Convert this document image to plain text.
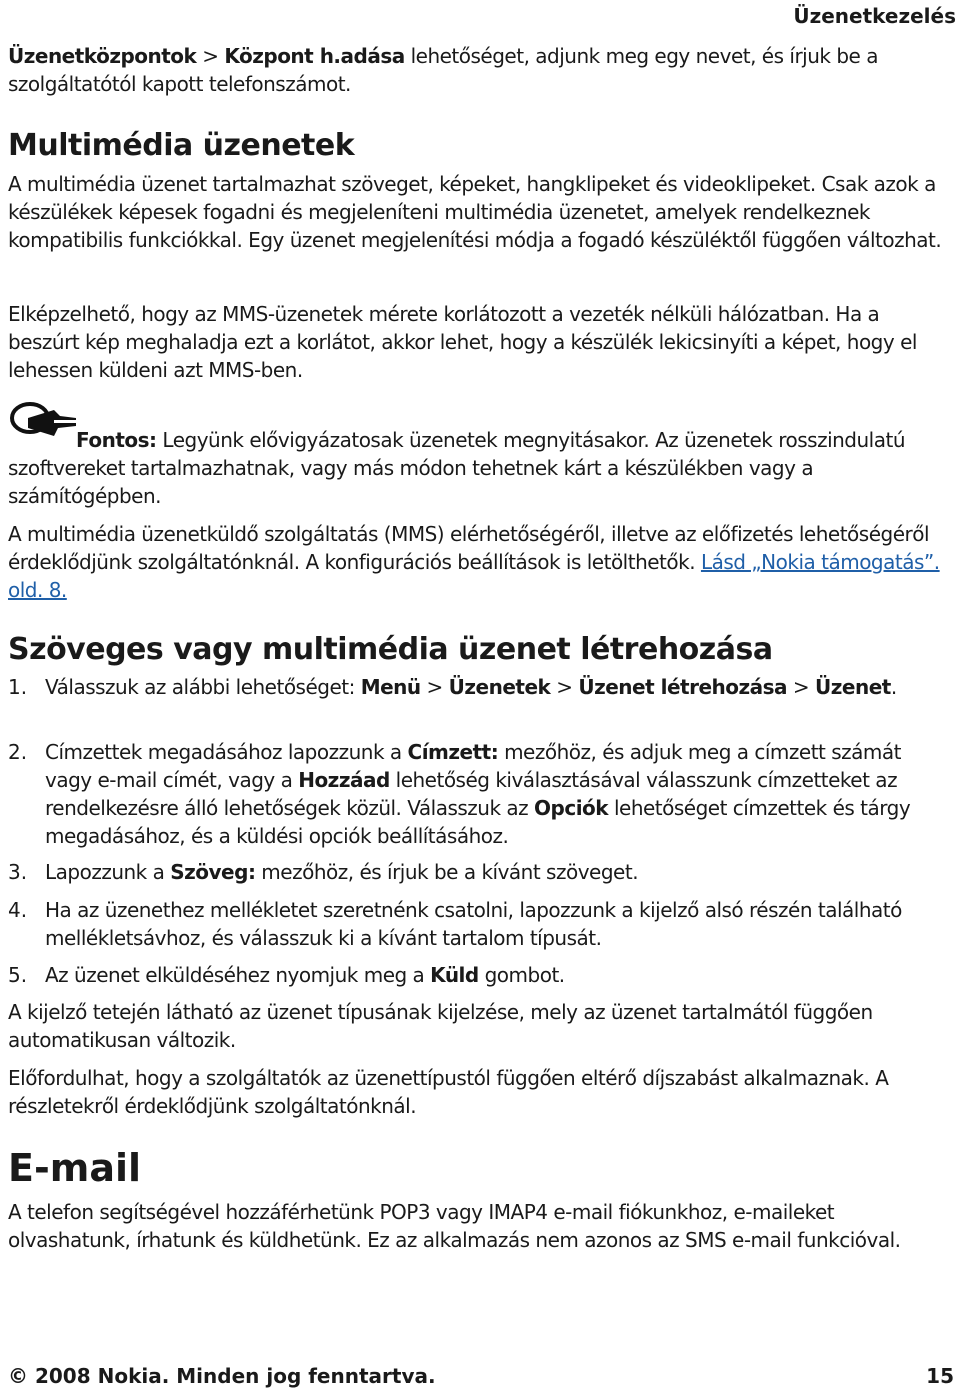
Üzenetkezelés

Üzenetközpontok > Központ h.adása lehetőséget, adjunk meg egy nevet, és írjuk be a szolgáltatótól kapott telefonszámot.

Multimédia üzenetek

A multimédia üzenet tartalmazhat szöveget, képeket, hangklipeket és videoklipeket. Csak azok a készülékek képesek fogadni és megjeleníteni multimédia üzenetet, amelyek rendelkeznek kompatibilis funkciókkal. Egy üzenet megjelenítési módja a fogadó készüléktől függően változhat.

Elképzelhető, hogy az MMS-üzenetek mérete korlátozott a vezeték nélküli hálózatban. Ha a beszúrt kép meghaladja ezt a korlátot, akkor lehet, hogy a készülék lekicsinyíti a képet, hogy el lehessen küldeni azt MMS-ben.

Fontos: Legyünk elővigyázatosak üzenetek megnyitásakor. Az üzenetek rosszindulatú szoftvereket tartalmazhatnak, vagy más módon tehetnek kárt a készülékben vagy a számítógépben.

A multimédia üzenetküldő szolgáltatás (MMS) elérhetőségéről, illetve az előfizetés lehetőségéről érdeklődjünk szolgáltatónknál. A konfigurációs beállítások is letölthetők. Lásd „Nokia támogatás”. old. 8.

Szöveges vagy multimédia üzenet létrehozása
1. Válasszuk az alábbi lehetőséget: Menü > Üzenetek > Üzenet létrehozása > Üzenet.

2. Címzettek megadásához lapozzunk a Címzett: mezőhöz, és adjuk meg a címzett számát vagy e-mail címét, vagy a Hozzáad lehetőség kiválasztásával válasszunk címzetteket az rendelkezésre álló lehetőségek közül. Válasszuk az Opciók lehetőséget címzettek és tárgy megadásához, és a küldési opciók beállításához.

3. Lapozzunk a Szöveg: mezőhöz, és írjuk be a kívánt szöveget.

4. Ha az üzenethez mellékletet szeretnénk csatolni, lapozzunk a kijelző alsó részén található mellékletsávhoz, és válasszuk ki a kívánt tartalom típusát.

5. Az üzenet elküldéséhez nyomjuk meg a Küld gombot.

A kijelző tetején látható az üzenet típusának kijelzése, mely az üzenet tartalmától függően automatikusan változik.

Előfordulhat, hogy a szolgáltatók az üzenettípustól függően eltérő díjszabást alkalmaznak. A részletekről érdeklődjünk szolgáltatónknál.

E-mail

A telefon segítségével hozzáférhetünk POP3 vagy IMAP4 e-mail fiókunkhoz, e-maileket olvashatunk, írhatunk és küldhetünk. Ez az alkalmazás nem azonos az SMS e-mail funkcióval.

© 2008 Nokia. Minden jog fenntartva.	15
